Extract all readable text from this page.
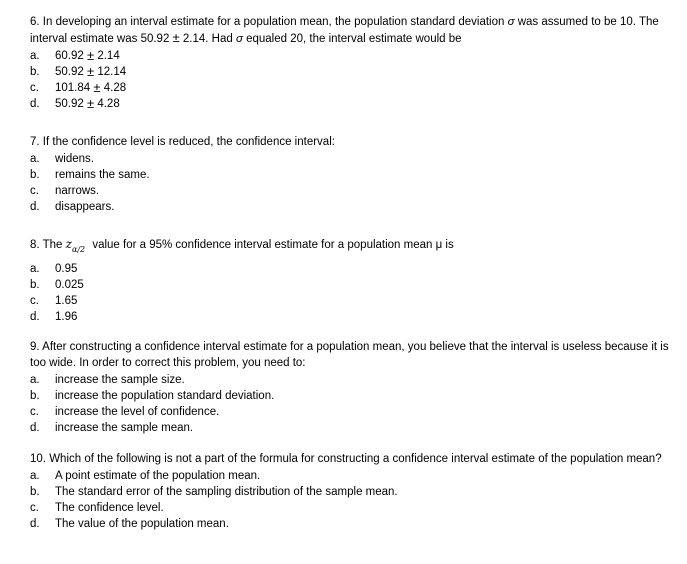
6. In developing an interval estimate for a population mean, the population standard deviation σ was assumed to be 10. The interval estimate was 50.92 ± 2.14. Had σ equaled 20, the interval estimate would be

a.	60.92
±
2.14
b.	50.92
±
12.14
c.	101.84
±
4.28
d.	50.92
±
4.28

7. If the confidence level is reduced, the confidence interval:

a.	widens.
b.	remains the same.
c.	narrows.
d.	disappears.

8. The $z_{\alpha/2}$ value for a 95% confidence interval estimate for a population mean μ is

a.	0.95
b.	0.025
c.	1.65
d.	1.96

9. After constructing a confidence interval estimate for a population mean, you believe that the interval is useless because it is too wide. In order to correct this problem, you need to:

a.	increase the sample size.
b.	increase the population standard deviation.
c.	increase the level of confidence.
d.	increase the sample mean.

10. Which of the following is not a part of the formula for constructing a confidence interval estimate of the population mean?

a.	A point estimate of the population mean.
b.	The standard error of the sampling distribution of the sample mean.
c.	The confidence level.
d.	The value of the population mean.
